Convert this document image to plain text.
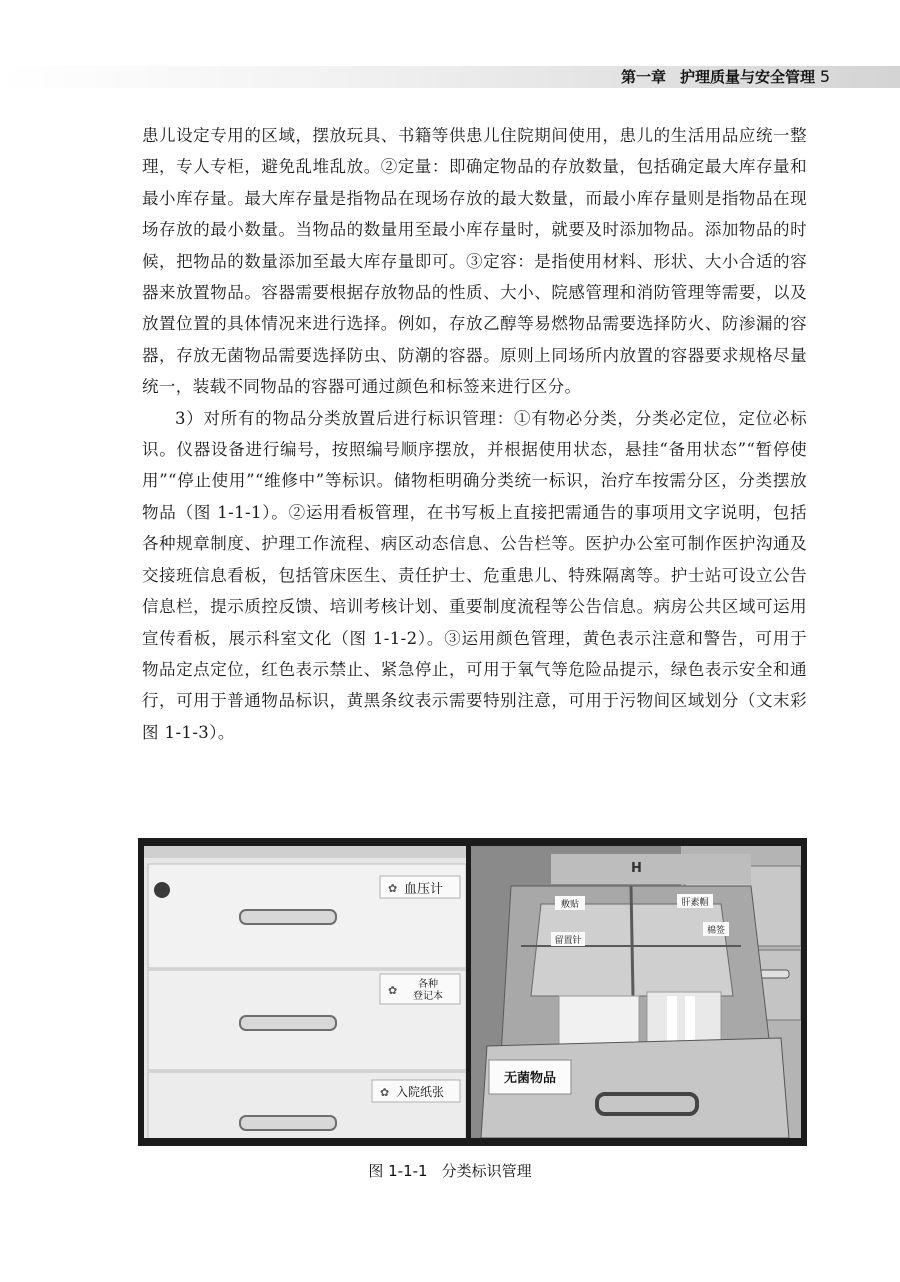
第一章 护理质量与安全管理 5

患儿设定专用的区域，摆放玩具、书籍等供患儿住院期间使用，患儿的生活用品应统一整理，专人专柜，避免乱堆乱放。②定量：即确定物品的存放数量，包括确定最大库存量和最小库存量。最大库存量是指物品在现场存放的最大数量，而最小库存量则是指物品在现场存放的最小数量。当物品的数量用至最小库存量时，就要及时添加物品。添加物品的时候，把物品的数量添加至最大库存量即可。③定容：是指使用材料、形状、大小合适的容器来放置物品。容器需要根据存放物品的性质、大小、院感管理和消防管理等需要，以及放置位置的具体情况来进行选择。例如，存放乙醇等易燃物品需要选择防火、防渗漏的容器，存放无菌物品需要选择防虫、防潮的容器。原则上同场所内放置的容器要求规格尽量统一，装载不同物品的容器可通过颜色和标签来进行区分。

3）对所有的物品分类放置后进行标识管理：①有物必分类，分类必定位，定位必标识。仪器设备进行编号，按照编号顺序摆放，并根据使用状态，悬挂“备用状态”“暂停使用”“停止使用”“维修中”等标识。储物柜明确分类统一标识，治疗车按需分区，分类摆放物品（图 1-1-1）。②运用看板管理，在书写板上直接把需通告的事项用文字说明，包括各种规章制度、护理工作流程、病区动态信息、公告栏等。医护办公室可制作医护沟通及交接班信息看板，包括管床医生、责任护士、危重患儿、特殊隔离等。护士站可设立公告信息栏，提示质控反馈、培训考核计划、重要制度流程等公告信息。病房公共区域可运用宣传看板，展示科室文化（图 1-1-2）。③运用颜色管理，黄色表示注意和警告，可用于物品定点定位，红色表示禁止、紧急停止，可用于氧气等危险品提示，绿色表示安全和通行，可用于普通物品标识，黄黑条纹表示需要特别注意，可用于污物间区域划分（文末彩图 1-1-3）。

✿
✿
✿
血压计
各种
登记本
入院纸张
H
敷贴
留置针
棉签
肝素帽
无菌物品
图 1-1-1 分类标识管理
